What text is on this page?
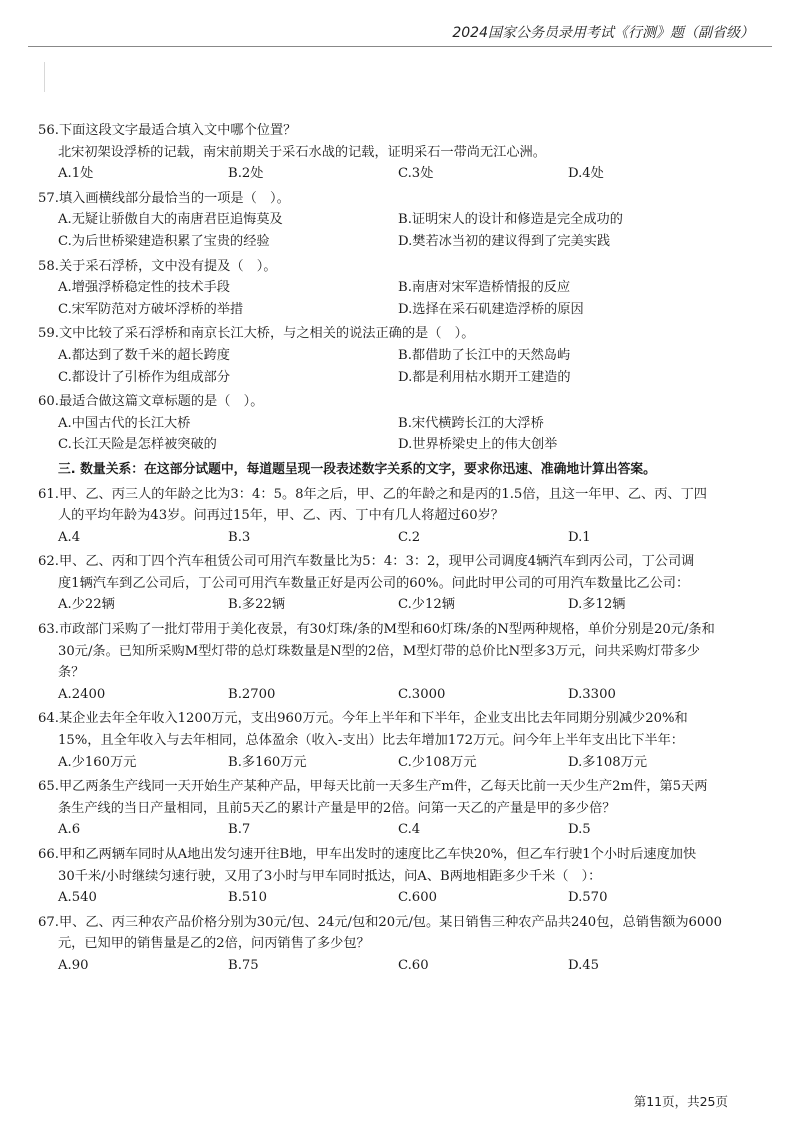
2024国家公务员录用考试《行测》题（副省级）
56.下面这段文字最适合填入文中哪个位置？
北宋初架设浮桥的记载，南宋前期关于采石水战的记载，证明采石一带尚无江心洲。
A.1处	B.2处	C.3处	D.4处
57.填入画横线部分最恰当的一项是（　）。
A.无疑让骄傲自大的南唐君臣追悔莫及	B.证明宋人的设计和修造是完全成功的
C.为后世桥梁建造积累了宝贵的经验	D.樊若冰当初的建议得到了完美实践
58.关于采石浮桥，文中没有提及（　）。
A.增强浮桥稳定性的技术手段	B.南唐对宋军造桥情报的反应
C.宋军防范对方破坏浮桥的举措	D.选择在采石矶建造浮桥的原因
59.文中比较了采石浮桥和南京长江大桥，与之相关的说法正确的是（　）。
A.都达到了数千米的超长跨度	B.都借助了长江中的天然岛屿
C.都设计了引桥作为组成部分	D.都是利用枯水期开工建造的
60.最适合做这篇文章标题的是（　）。
A.中国古代的长江大桥	B.宋代横跨长江的大浮桥
C.长江天险是怎样被突破的	D.世界桥梁史上的伟大创举
三. 数量关系：在这部分试题中，每道题呈现一段表述数字关系的文字，要求你迅速、准确地计算出答案。
61.甲、乙、丙三人的年龄之比为3：4：5。8年之后，甲、乙的年龄之和是丙的1.5倍，且这一年甲、乙、丙、丁四
人的平均年龄为43岁。问再过15年，甲、乙、丙、丁中有几人将超过60岁？
A.4	B.3	C.2	D.1
62.甲、乙、丙和丁四个汽车租赁公司可用汽车数量比为5：4：3：2，现甲公司调度4辆汽车到丙公司，丁公司调
度1辆汽车到乙公司后，丁公司可用汽车数量正好是丙公司的60%。问此时甲公司的可用汽车数量比乙公司：
A.少22辆	B.多22辆	C.少12辆	D.多12辆
63.市政部门采购了一批灯带用于美化夜景，有30灯珠/条的M型和60灯珠/条的N型两种规格，单价分别是20元/条和
30元/条。已知所采购M型灯带的总灯珠数量是N型的2倍，M型灯带的总价比N型多3万元，问共采购灯带多少
条？
A.2400	B.2700	C.3000	D.3300
64.某企业去年全年收入1200万元，支出960万元。今年上半年和下半年，企业支出比去年同期分别减少20%和
15%，且全年收入与去年相同，总体盈余（收入-支出）比去年增加172万元。问今年上半年支出比下半年：
A.少160万元	B.多160万元	C.少108万元	D.多108万元
65.甲乙两条生产线同一天开始生产某种产品，甲每天比前一天多生产m件，乙每天比前一天少生产2m件，第5天两
条生产线的当日产量相同，且前5天乙的累计产量是甲的2倍。问第一天乙的产量是甲的多少倍？
A.6	B.7	C.4	D.5
66.甲和乙两辆车同时从A地出发匀速开往B地，甲车出发时的速度比乙车快20%，但乙车行驶1个小时后速度加快
30千米/小时继续匀速行驶，又用了3小时与甲车同时抵达，问A、B两地相距多少千米（　）：
A.540	B.510	C.600	D.570
67.甲、乙、丙三种农产品价格分别为30元/包、24元/包和20元/包。某日销售三种农产品共240包，总销售额为6000
元，已知甲的销售量是乙的2倍，问丙销售了多少包？
A.90	B.75	C.60	D.45
第11页，共25页
